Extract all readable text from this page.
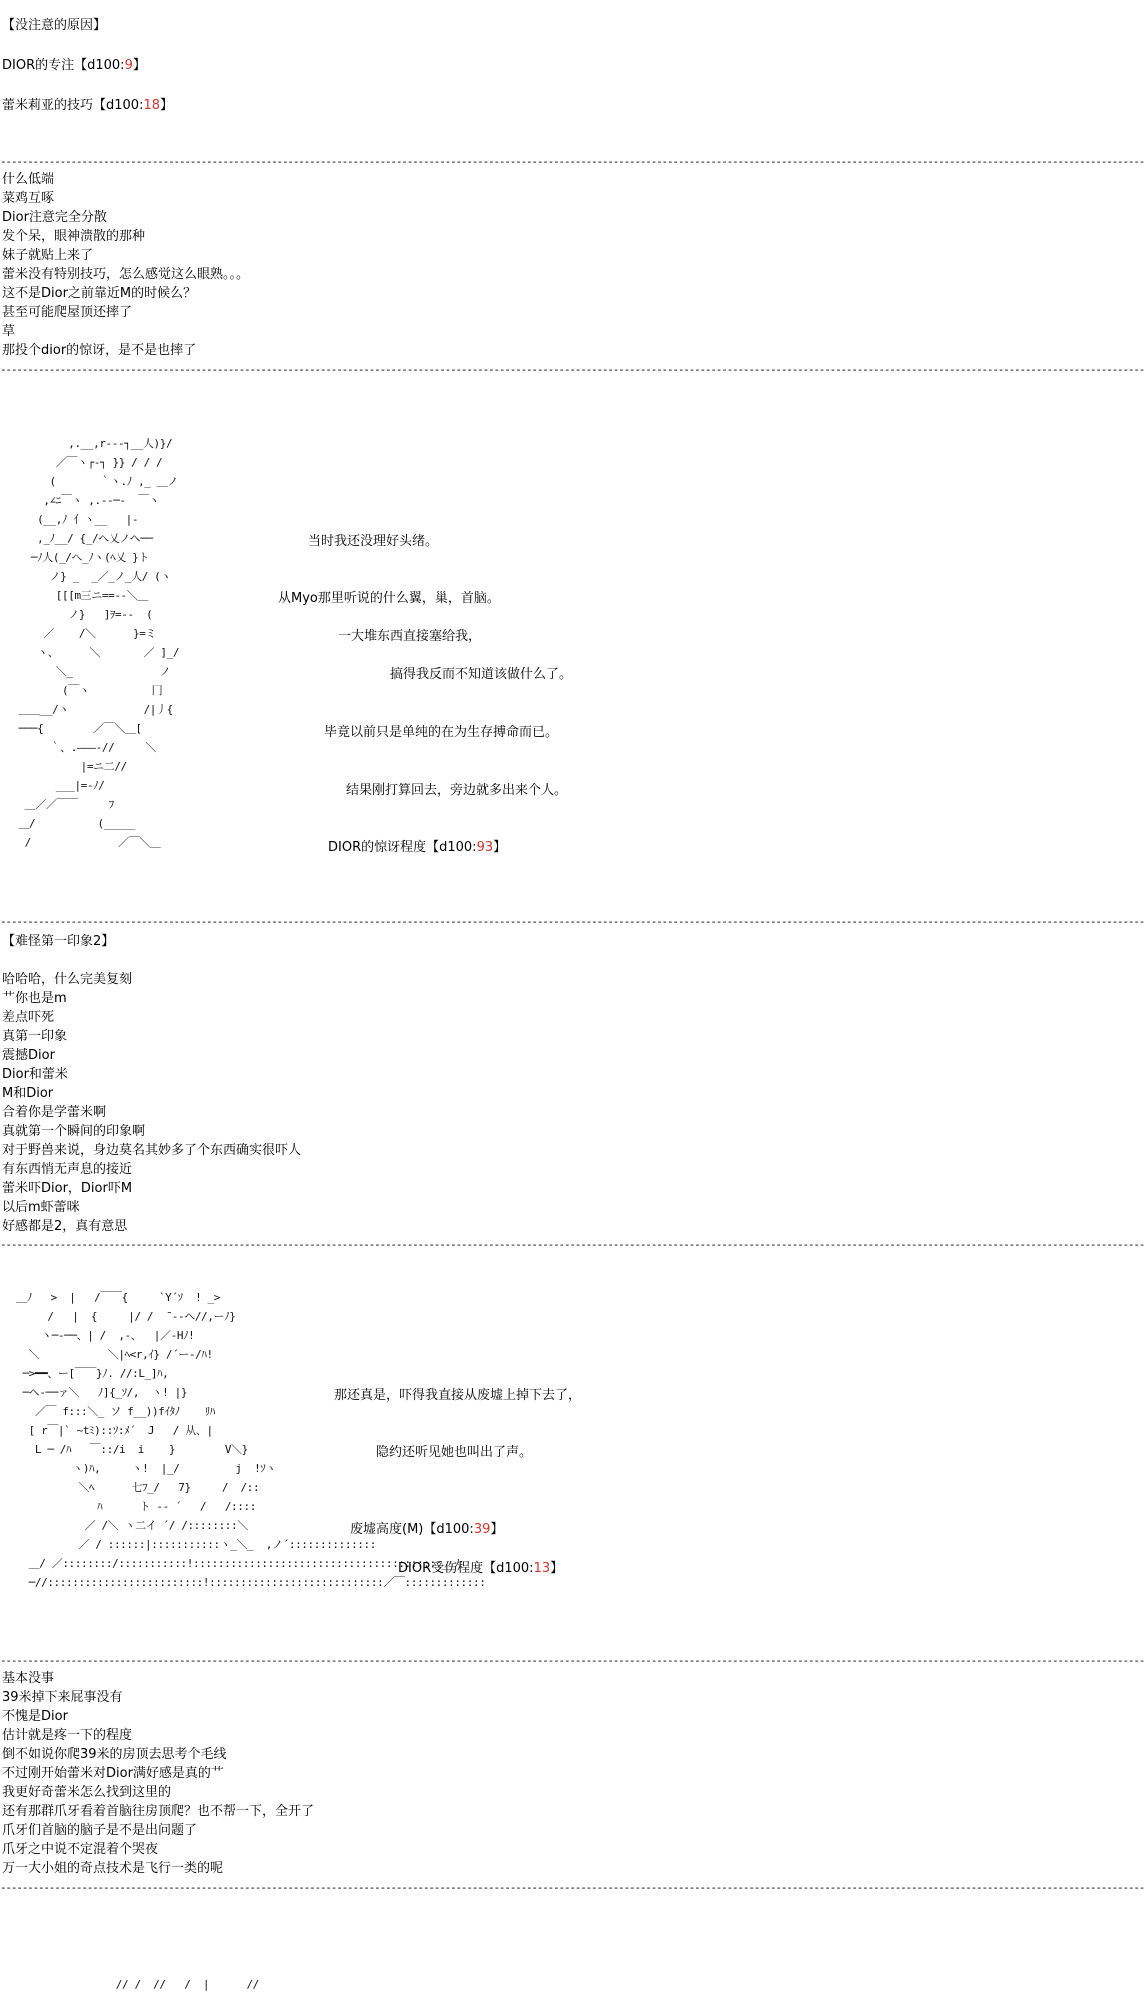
【没注意的原因】
DIOR的专注【d100:9】
蕾米莉亚的技巧【d100:18】
-------------------------------------------------------------------------------------------------------------------------------------------------------------------------------------------------------------------
什么低端
菜鸡互啄
Dior注意完全分散
发个呆，眼神溃散的那种
妹子就贴上来了
蕾米没有特别技巧，怎么感觉这么眼熟。。。
这不是Dior之前靠近M的时候么？
甚至可能爬屋顶还摔了
草
那投个dior的惊讶，是不是也摔了
-------------------------------------------------------------------------------------------------------------------------------------------------------------------------------------------------------------------
,.__,r‐‐‐┐__人)}/
／￣ヽ┌‐┐ }} / / /
(       ｀ヽ.ﾉ ,_ ＿ノ
,∠ﾆ￣ヽ ,.--─‐  ￣ヽ
(__,ﾉ 亻ヽ__   |‐
,_ﾉ__/ {_/へ乂ノヘ──
─ﾉ人(_/へ_ﾉヽ(ﾍ乂 }ト
ノ} _  _／_ノ_人/ (ヽ
[[[m三ニ==‐‐＼＿
ノ}   ]ｦ=‐‐  (
／    /＼      }=ミ
ヽ、     ＼       ／ ]_/
＼_              ノ
(￣ヽ          冂
＿＿__/ヽ            /|丿{
───{        ／￣＼＿[
｀、.―――‐//     ＼
|=ニ二//
___|=-ﾉ/
＿／／￣￣     ﾌ
＿/          (_____
/              ／￣＼＿
当时我还没理好头绪。
从Myo那里听说的什么翼，巢，首脑。
一大堆东西直接塞给我，
搞得我反而不知道该做什么了。
毕竟以前只是单纯的在为生存搏命而已。
结果刚打算回去，旁边就多出来个人。
DIOR的惊讶程度【d100:93】
-------------------------------------------------------------------------------------------------------------------------------------------------------------------------------------------------------------------
【难怪第一印象2】
哈哈哈，什么完美复刻
艹你也是m
差点吓死
真第一印象
震撼Dior
Dior和蕾米
M和Dior
合着你是学蕾米啊
真就第一个瞬间的印象啊
对于野兽来说，身边莫名其妙多了个东西确实很吓人
有东西悄无声息的接近
蕾米吓Dior，Dior吓M
以后m虾蕾咪
好感都是2，真有意思
-------------------------------------------------------------------------------------------------------------------------------------------------------------------------------------------------------------------
＿ﾉ   >  |   /￣￣{     `Y´ｿ  ! _>
/   |  {     |/ /  ̄ ‐‐ヘ//,ーﾉ}
ヽ─‐──、| /  ,-、  |／‐Hﾉ!
＼           ＼|ﾍ<r,ｲ} /´ー‐/ﾊ!
─>━━、ー[￣￣}ﾉ. //:L_]ﾊ,
─ヘ‐──ァ＼   ﾉ]{_ｿ/,  ヽ! |}
／￣ f:::＼_ ソ f__))fｲﾀﾉ    ﾘﾊ
[ r￣|` ~tﾐ)::ｿ:ﾒ´  J   / 从、|
L ─ /ﾊ   ￣::/i  i    }        V＼}
ヽ)ﾊ,     ヽ!  |_/         j  !ｿヽ
＼ﾍ      七ﾌ_/   7}     /  /::
ﾊ      ト ‐‐ ´   /   /::::
／ /＼ ヽ二イ ´/ /::::::::＼
／ / ::::::|:::::::::::ヽ_＼_  ,ノ´::::::::::::::
＿/ ／::::::::/:::::::::::!::::::::::::::::::::::::::::::::::::::::__ﾉ
─//:::::::::::::::::::::::::!::::::::::::::::::::::::::::／￣:::::::::::::
那还真是，吓得我直接从废墟上掉下去了，
隐约还听见她也叫出了声。
废墟高度(M)【d100:39】
DIOR受伤程度【d100:13】
-------------------------------------------------------------------------------------------------------------------------------------------------------------------------------------------------------------------
基本没事
39米掉下来屁事没有
不愧是Dior
估计就是疼一下的程度
倒不如说你爬39米的房顶去思考个毛线
不过刚开始蕾米对Dior满好感是真的艹
我更好奇蕾米怎么找到这里的
还有那群爪牙看着首脑往房顶爬？也不帮一下，全开了
爪牙们首脑的脑子是不是出问题了
爪牙之中说不定混着个哭夜
万一大小姐的奇点技术是飞行一类的呢
-------------------------------------------------------------------------------------------------------------------------------------------------------------------------------------------------------------------
// /  //   /  |      //
